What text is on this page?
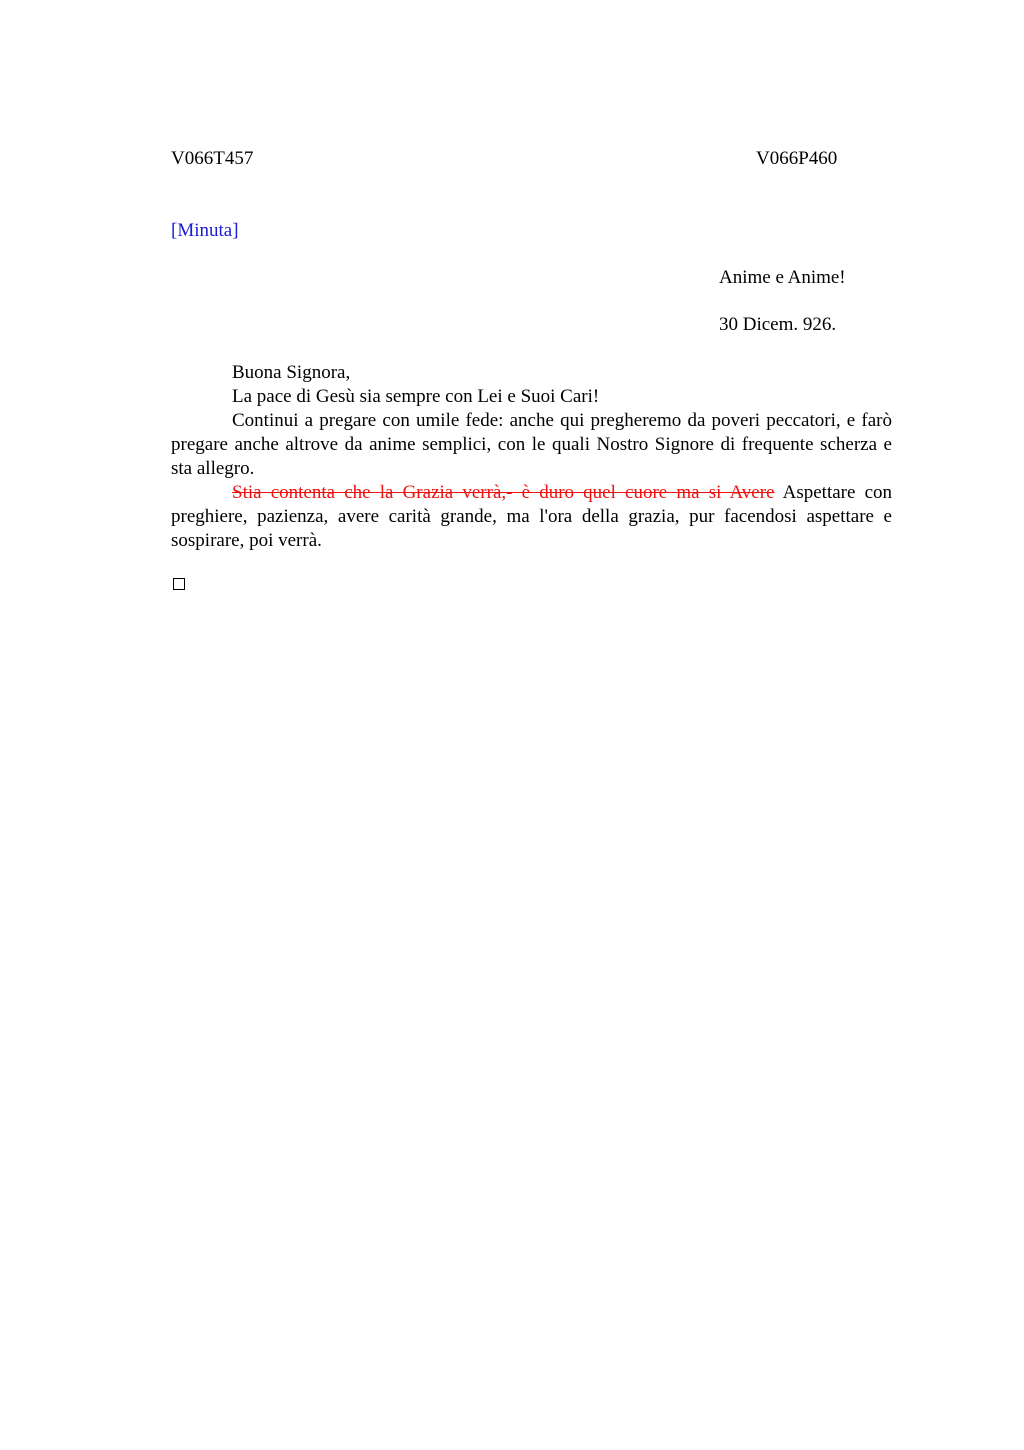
V066T457	V066P460
[Minuta]
Anime e Anime!
30 Dicem. 926.

Buona Signora,

La pace di Gesù sia sempre con Lei e Suoi Cari!

Continui a pregare con umile fede: anche qui pregheremo da poveri peccatori, e farò pregare anche altrove da anime semplici, con le quali Nostro Signore di frequente scherza e sta allegro.

Stia contenta che la Grazia verrà,- è duro quel cuore ma si Avere Aspettare con preghiere, pazienza, avere carità grande, ma l'ora della grazia, pur facendosi aspettare e sospirare, poi verrà.
